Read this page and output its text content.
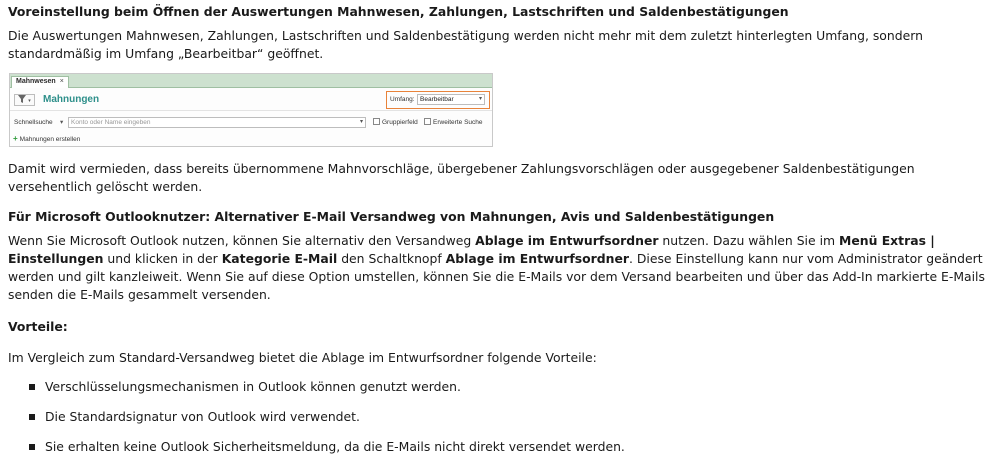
Voreinstellung beim Öffnen der Auswertungen Mahnwesen, Zahlungen, Lastschriften und Saldenbestätigungen
Die Auswertungen Mahnwesen, Zahlungen, Lastschriften und Saldenbestätigung werden nicht mehr mit dem zuletzt hinterlegten Umfang, sondern
standardmäßig im Umfang „Bearbeitbar“ geöffnet.
Mahnwesen ×
▾	Mahnungen	Umfang: Bearbeitbar	▾
Schnellsuche ▾	Konto oder Name eingeben	▾	Gruppierfeld	Erweiterte Suche
+ Mahnungen erstellen
Damit wird vermieden, dass bereits übernommene Mahnvorschläge, übergebener Zahlungsvorschlägen oder ausgegebener Saldenbestätigungen
versehentlich gelöscht werden.
Für Microsoft Outlooknutzer: Alternativer E-Mail Versandweg von Mahnungen, Avis und Saldenbestätigungen
Wenn Sie Microsoft Outlook nutzen, können Sie alternativ den Versandweg Ablage im Entwurfsordner nutzen. Dazu wählen Sie im Menü Extras |
Einstellungen und klicken in der Kategorie E-Mail den Schaltknopf Ablage im Entwurfsordner. Diese Einstellung kann nur vom Administrator geändert
werden und gilt kanzleiweit. Wenn Sie auf diese Option umstellen, können Sie die E-Mails vor dem Versand bearbeiten und über das Add-In markierte E-Mails
senden die E-Mails gesammelt versenden.
Vorteile:
Im Vergleich zum Standard-Versandweg bietet die Ablage im Entwurfsordner folgende Vorteile:
Verschlüsselungsmechanismen in Outlook können genutzt werden.
Die Standardsignatur von Outlook wird verwendet.
Sie erhalten keine Outlook Sicherheitsmeldung, da die E-Mails nicht direkt versendet werden.
